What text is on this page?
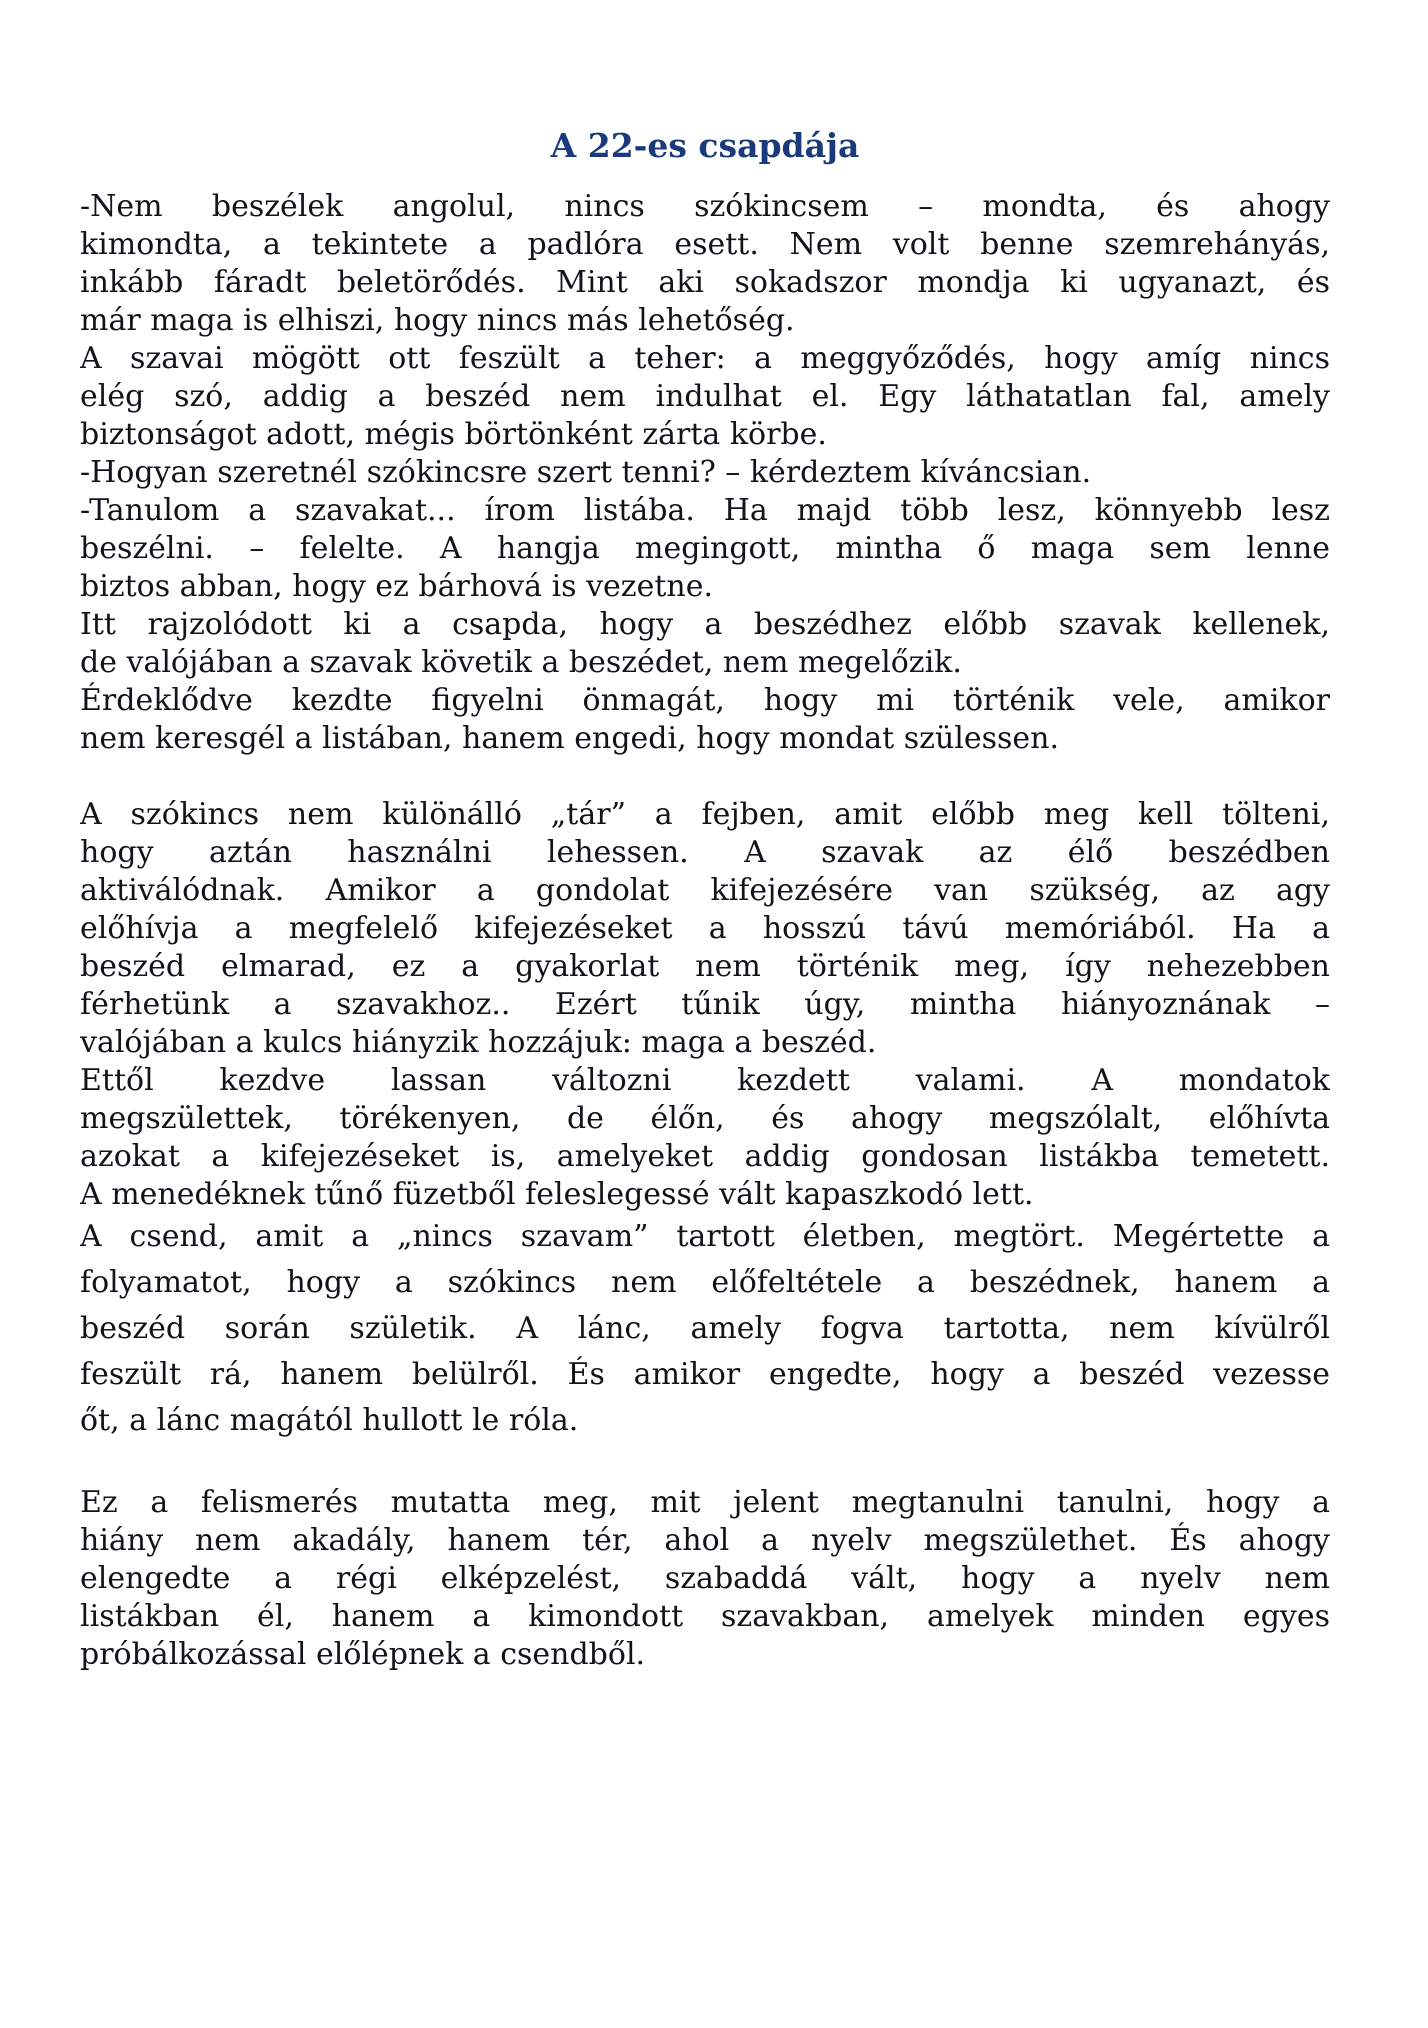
A 22-es csapdája
-Nem beszélek angolul, nincs szókincsem – mondta, és ahogy
kimondta, a tekintete a padlóra esett. Nem volt benne szemrehányás,
inkább fáradt beletörődés. Mint aki sokadszor mondja ki ugyanazt, és
már maga is elhiszi, hogy nincs más lehetőség.
A szavai mögött ott feszült a teher: a meggyőződés, hogy amíg nincs
elég szó, addig a beszéd nem indulhat el. Egy láthatatlan fal, amely
biztonságot adott, mégis börtönként zárta körbe.
-Hogyan szeretnél szókincsre szert tenni? – kérdeztem kíváncsian.
-Tanulom a szavakat... írom listába. Ha majd több lesz, könnyebb lesz
beszélni. – felelte. A hangja megingott, mintha ő maga sem lenne
biztos abban, hogy ez bárhová is vezetne.
Itt rajzolódott ki a csapda, hogy a beszédhez előbb szavak kellenek,
de valójában a szavak követik a beszédet, nem megelőzik.
Érdeklődve kezdte figyelni önmagát, hogy mi történik vele, amikor
nem keresgél a listában, hanem engedi, hogy mondat szülessen.
A szókincs nem különálló „tár” a fejben, amit előbb meg kell tölteni,
hogy aztán használni lehessen. A szavak az élő beszédben
aktiválódnak. Amikor a gondolat kifejezésére van szükség, az agy
előhívja a megfelelő kifejezéseket a hosszú távú memóriából. Ha a
beszéd elmarad, ez a gyakorlat nem történik meg, így nehezebben
férhetünk a szavakhoz.. Ezért tűnik úgy, mintha hiányoznának –
valójában a kulcs hiányzik hozzájuk: maga a beszéd.
Ettől kezdve lassan változni kezdett valami. A mondatok
megszülettek, törékenyen, de élőn, és ahogy megszólalt, előhívta
azokat a kifejezéseket is, amelyeket addig gondosan listákba temetett.
A menedéknek tűnő füzetből feleslegessé vált kapaszkodó lett.
A csend, amit a „nincs szavam” tartott életben, megtört. Megértette a
folyamatot, hogy a szókincs nem előfeltétele a beszédnek, hanem a
beszéd során születik. A lánc, amely fogva tartotta, nem kívülről
feszült rá, hanem belülről. És amikor engedte, hogy a beszéd vezesse
őt, a lánc magától hullott le róla.
Ez a felismerés mutatta meg, mit jelent megtanulni tanulni, hogy a
hiány nem akadály, hanem tér, ahol a nyelv megszülethet. És ahogy
elengedte a régi elképzelést, szabaddá vált, hogy a nyelv nem
listákban él, hanem a kimondott szavakban, amelyek minden egyes
próbálkozással előlépnek a csendből.
